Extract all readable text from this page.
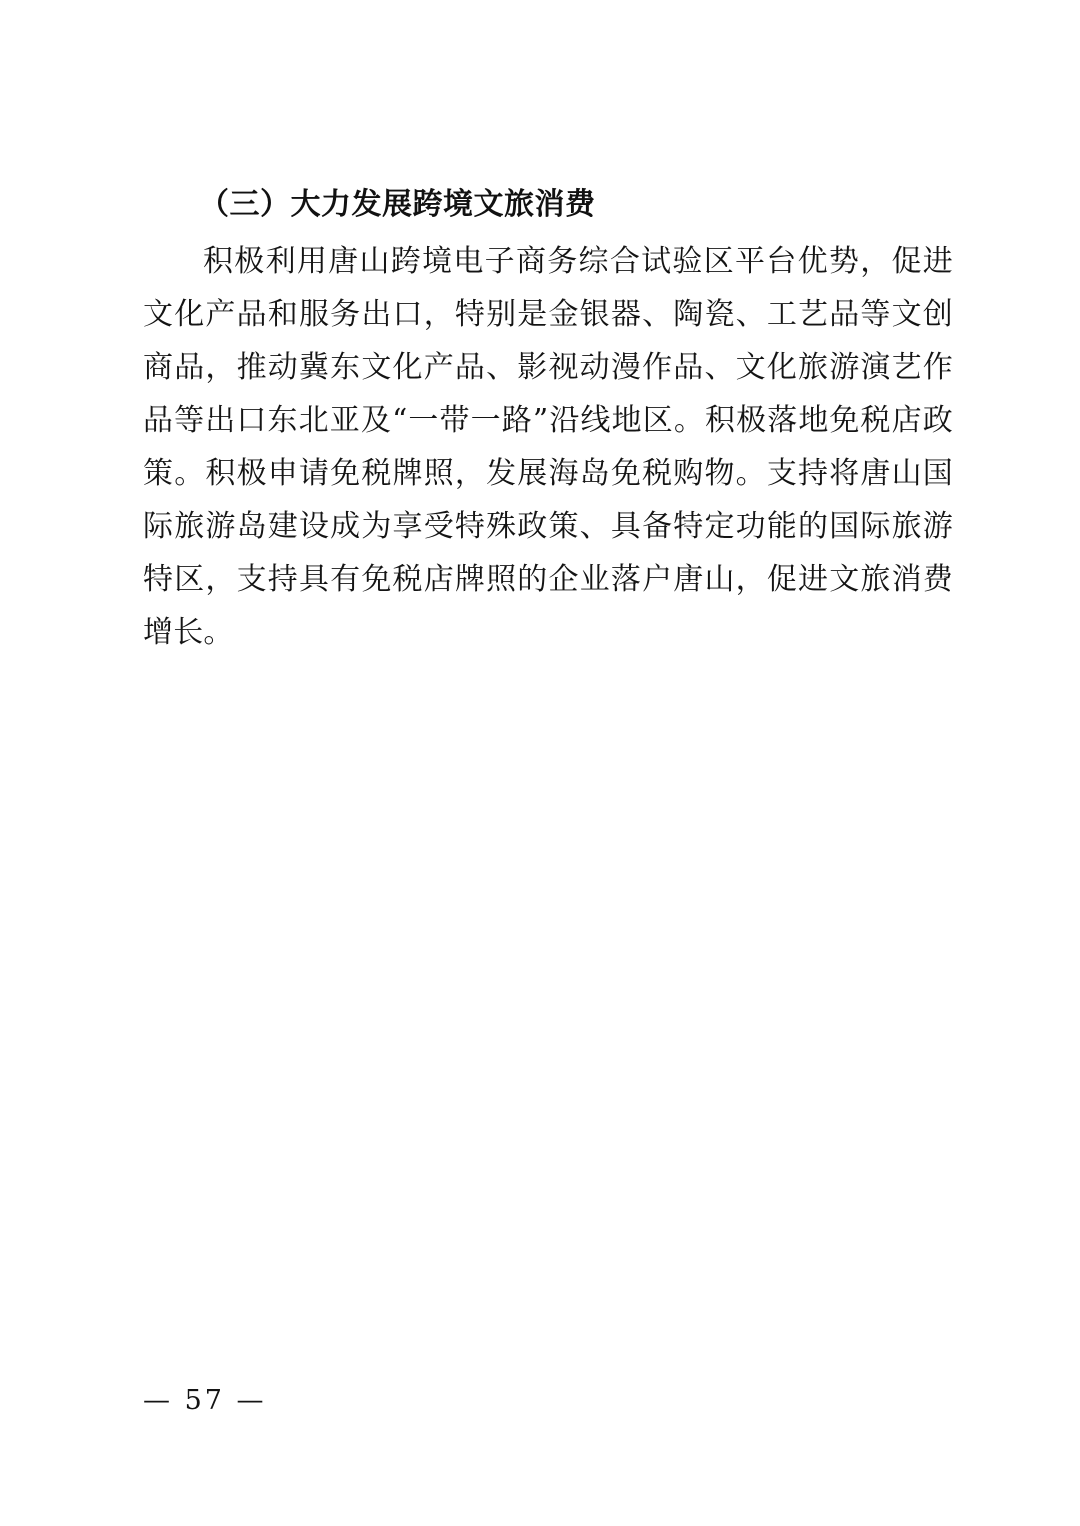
（三）大力发展跨境文旅消费

积极利用唐山跨境电子商务综合试验区平台优势，促进文化产品和服务出口，特别是金银器、陶瓷、工艺品等文创商品，推动冀东文化产品、影视动漫作品、文化旅游演艺作品等出口东北亚及“一带一路”沿线地区。积极落地免税店政策。积极申请免税牌照，发展海岛免税购物。支持将唐山国际旅游岛建设成为享受特殊政策、具备特定功能的国际旅游特区，支持具有免税店牌照的企业落户唐山，促进文旅消费增长。

— 57 —
